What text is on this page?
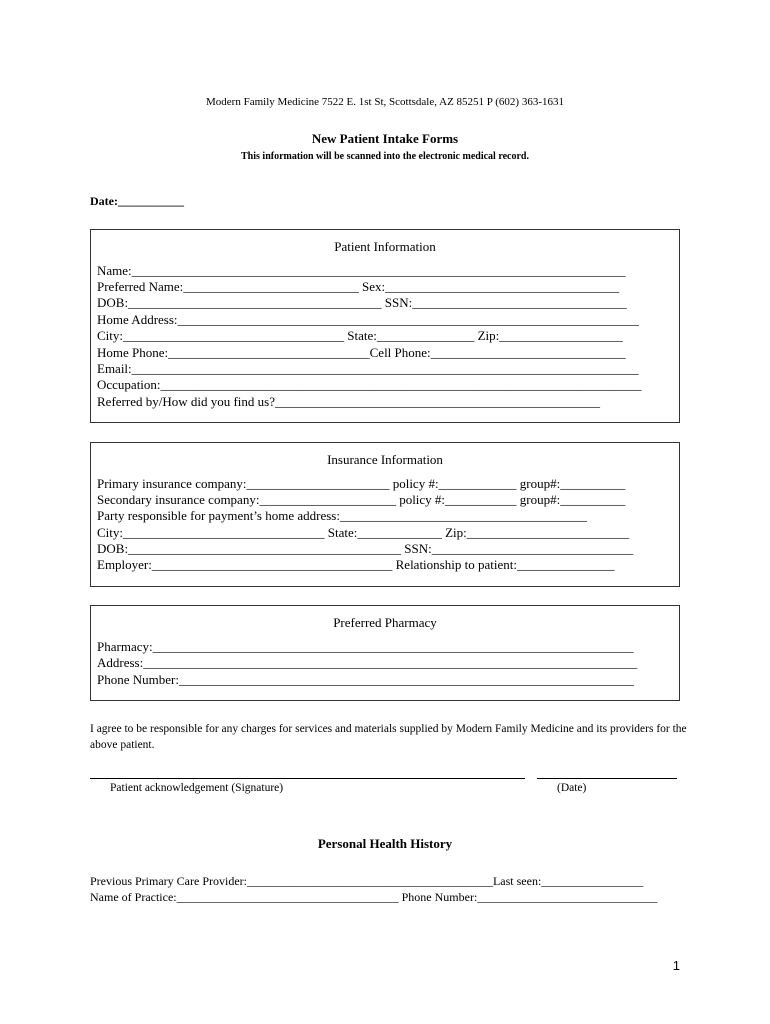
Modern Family Medicine 7522 E. 1st St, Scottsdale, AZ 85251 P (602) 363-1631
New Patient Intake Forms
This information will be scanned into the electronic medical record.
Date:___________
Patient Information
Name:____________________________________________________________________________
Preferred Name:___________________________ Sex:____________________________________
DOB:_______________________________________ SSN:_________________________________
Home Address:_______________________________________________________________________
City:__________________________________ State:_______________ Zip:___________________
Home Phone:_______________________________Cell Phone:______________________________
Email:______________________________________________________________________________
Occupation:__________________________________________________________________________
Referred by/How did you find us?__________________________________________________
Insurance Information
Primary insurance company:______________________ policy #:____________ group#:__________
Secondary insurance company:_____________________ policy #:___________ group#:__________
Party responsible for payment’s home address:______________________________________
City:_______________________________ State:_____________ Zip:_________________________
DOB:__________________________________________ SSN:_______________________________
Employer:_____________________________________ Relationship to patient:_______________
Preferred Pharmacy
Pharmacy:__________________________________________________________________________
Address:____________________________________________________________________________
Phone Number:______________________________________________________________________
I agree to be responsible for any charges for services and materials supplied by Modern Family Medicine and its providers for the above patient.
Patient acknowledgement (Signature)	(Date)
Personal Health History
Previous Primary Care Provider:_________________________________________Last seen:_________________
Name of Practice:_____________________________________ Phone Number:______________________________
1
